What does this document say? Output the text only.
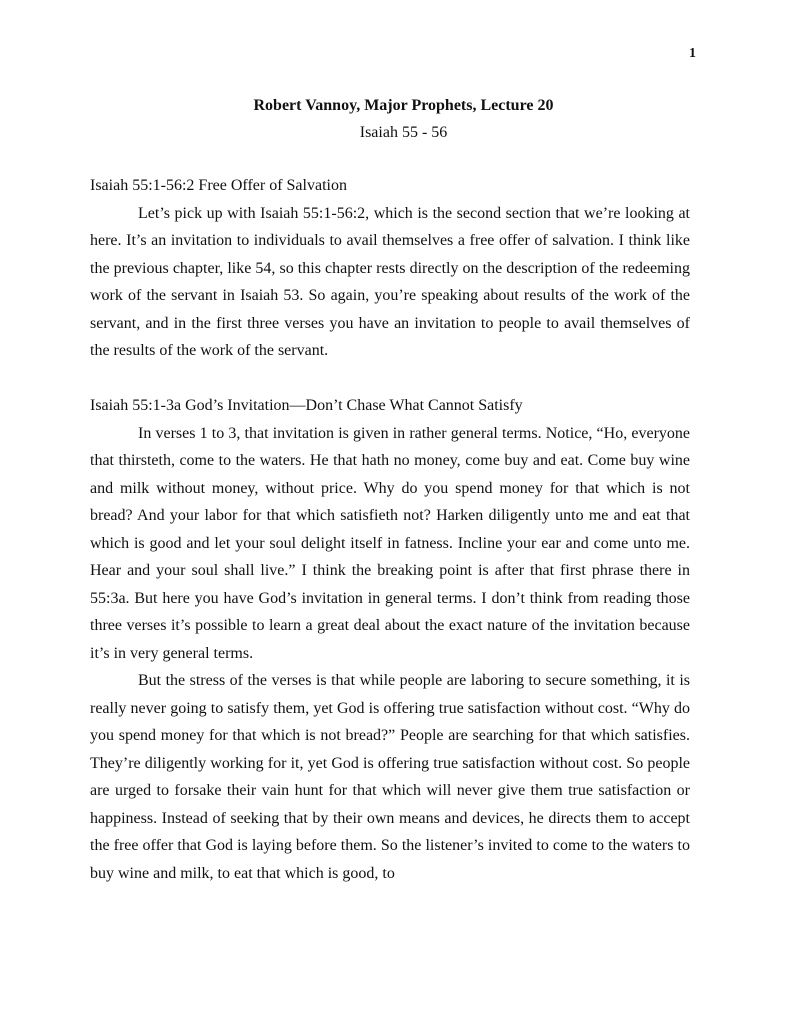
1

Robert Vannoy, Major Prophets, Lecture 20

Isaiah 55 - 56

Isaiah 55:1-56:2 Free Offer of Salvation

Let’s pick up with Isaiah 55:1-56:2, which is the second section that we’re looking at here. It’s an invitation to individuals to avail themselves a free offer of salvation. I think like the previous chapter, like 54, so this chapter rests directly on the description of the redeeming work of the servant in Isaiah 53. So again, you’re speaking about results of the work of the servant, and in the first three verses you have an invitation to people to avail themselves of the results of the work of the servant.

Isaiah 55:1-3a God’s Invitation—Don’t Chase What Cannot Satisfy

In verses 1 to 3, that invitation is given in rather general terms. Notice, “Ho, everyone that thirsteth, come to the waters. He that hath no money, come buy and eat. Come buy wine and milk without money, without price. Why do you spend money for that which is not bread? And your labor for that which satisfieth not? Harken diligently unto me and eat that which is good and let your soul delight itself in fatness. Incline your ear and come unto me. Hear and your soul shall live.” I think the breaking point is after that first phrase there in 55:3a. But here you have God’s invitation in general terms. I don’t think from reading those three verses it’s possible to learn a great deal about the exact nature of the invitation because it’s in very general terms.

But the stress of the verses is that while people are laboring to secure something, it is really never going to satisfy them, yet God is offering true satisfaction without cost. “Why do you spend money for that which is not bread?” People are searching for that which satisfies. They’re diligently working for it, yet God is offering true satisfaction without cost. So people are urged to forsake their vain hunt for that which will never give them true satisfaction or happiness. Instead of seeking that by their own means and devices, he directs them to accept the free offer that God is laying before them. So the listener’s invited to come to the waters to buy wine and milk, to eat that which is good, to
